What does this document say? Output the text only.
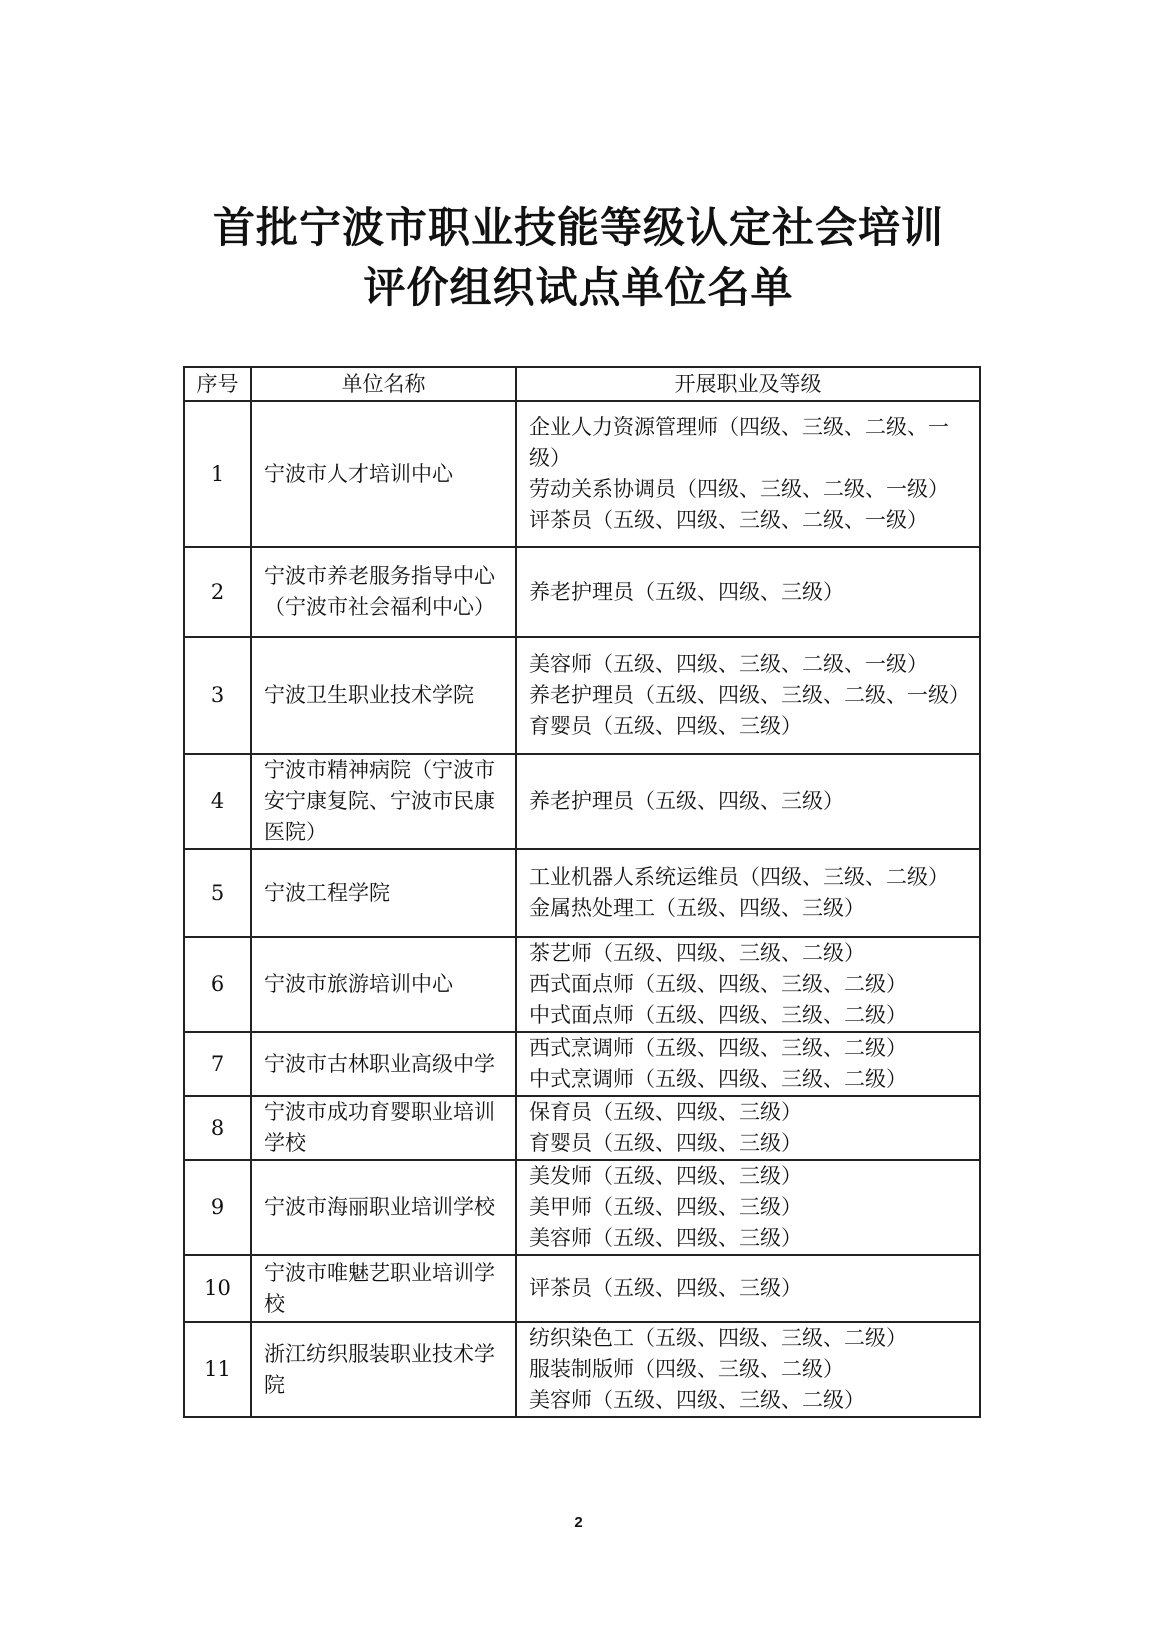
首批宁波市职业技能等级认定社会培训
评价组织试点单位名单
序号	单位名称	开展职业及等级
1	宁波市人才培训中心	企业人力资源管理师（四级、三级、二级、一级）
劳动关系协调员（四级、三级、二级、一级）
评茶员（五级、四级、三级、二级、一级）

2	宁波市养老服务指导中心（宁波市社会福利中心）	养老护理员（五级、四级、三级）

3	宁波卫生职业技术学院	美容师（五级、四级、三级、二级、一级）
养老护理员（五级、四级、三级、二级、一级）
育婴员（五级、四级、三级）

4	宁波市精神病院（宁波市安宁康复院、宁波市民康医院）	养老护理员（五级、四级、三级）

5	宁波工程学院	工业机器人系统运维员（四级、三级、二级）
金属热处理工（五级、四级、三级）

6	宁波市旅游培训中心	茶艺师（五级、四级、三级、二级）
西式面点师（五级、四级、三级、二级）
中式面点师（五级、四级、三级、二级）

7	宁波市古林职业高级中学	西式烹调师（五级、四级、三级、二级）
中式烹调师（五级、四级、三级、二级）

8	宁波市成功育婴职业培训学校	保育员（五级、四级、三级）
育婴员（五级、四级、三级）

9	宁波市海丽职业培训学校	美发师（五级、四级、三级）
美甲师（五级、四级、三级）
美容师（五级、四级、三级）

10	宁波市唯魅艺职业培训学校	评茶员（五级、四级、三级）

11	浙江纺织服装职业技术学院	纺织染色工（五级、四级、三级、二级）
服装制版师（四级、三级、二级）
美容师（五级、四级、三级、二级）
2
